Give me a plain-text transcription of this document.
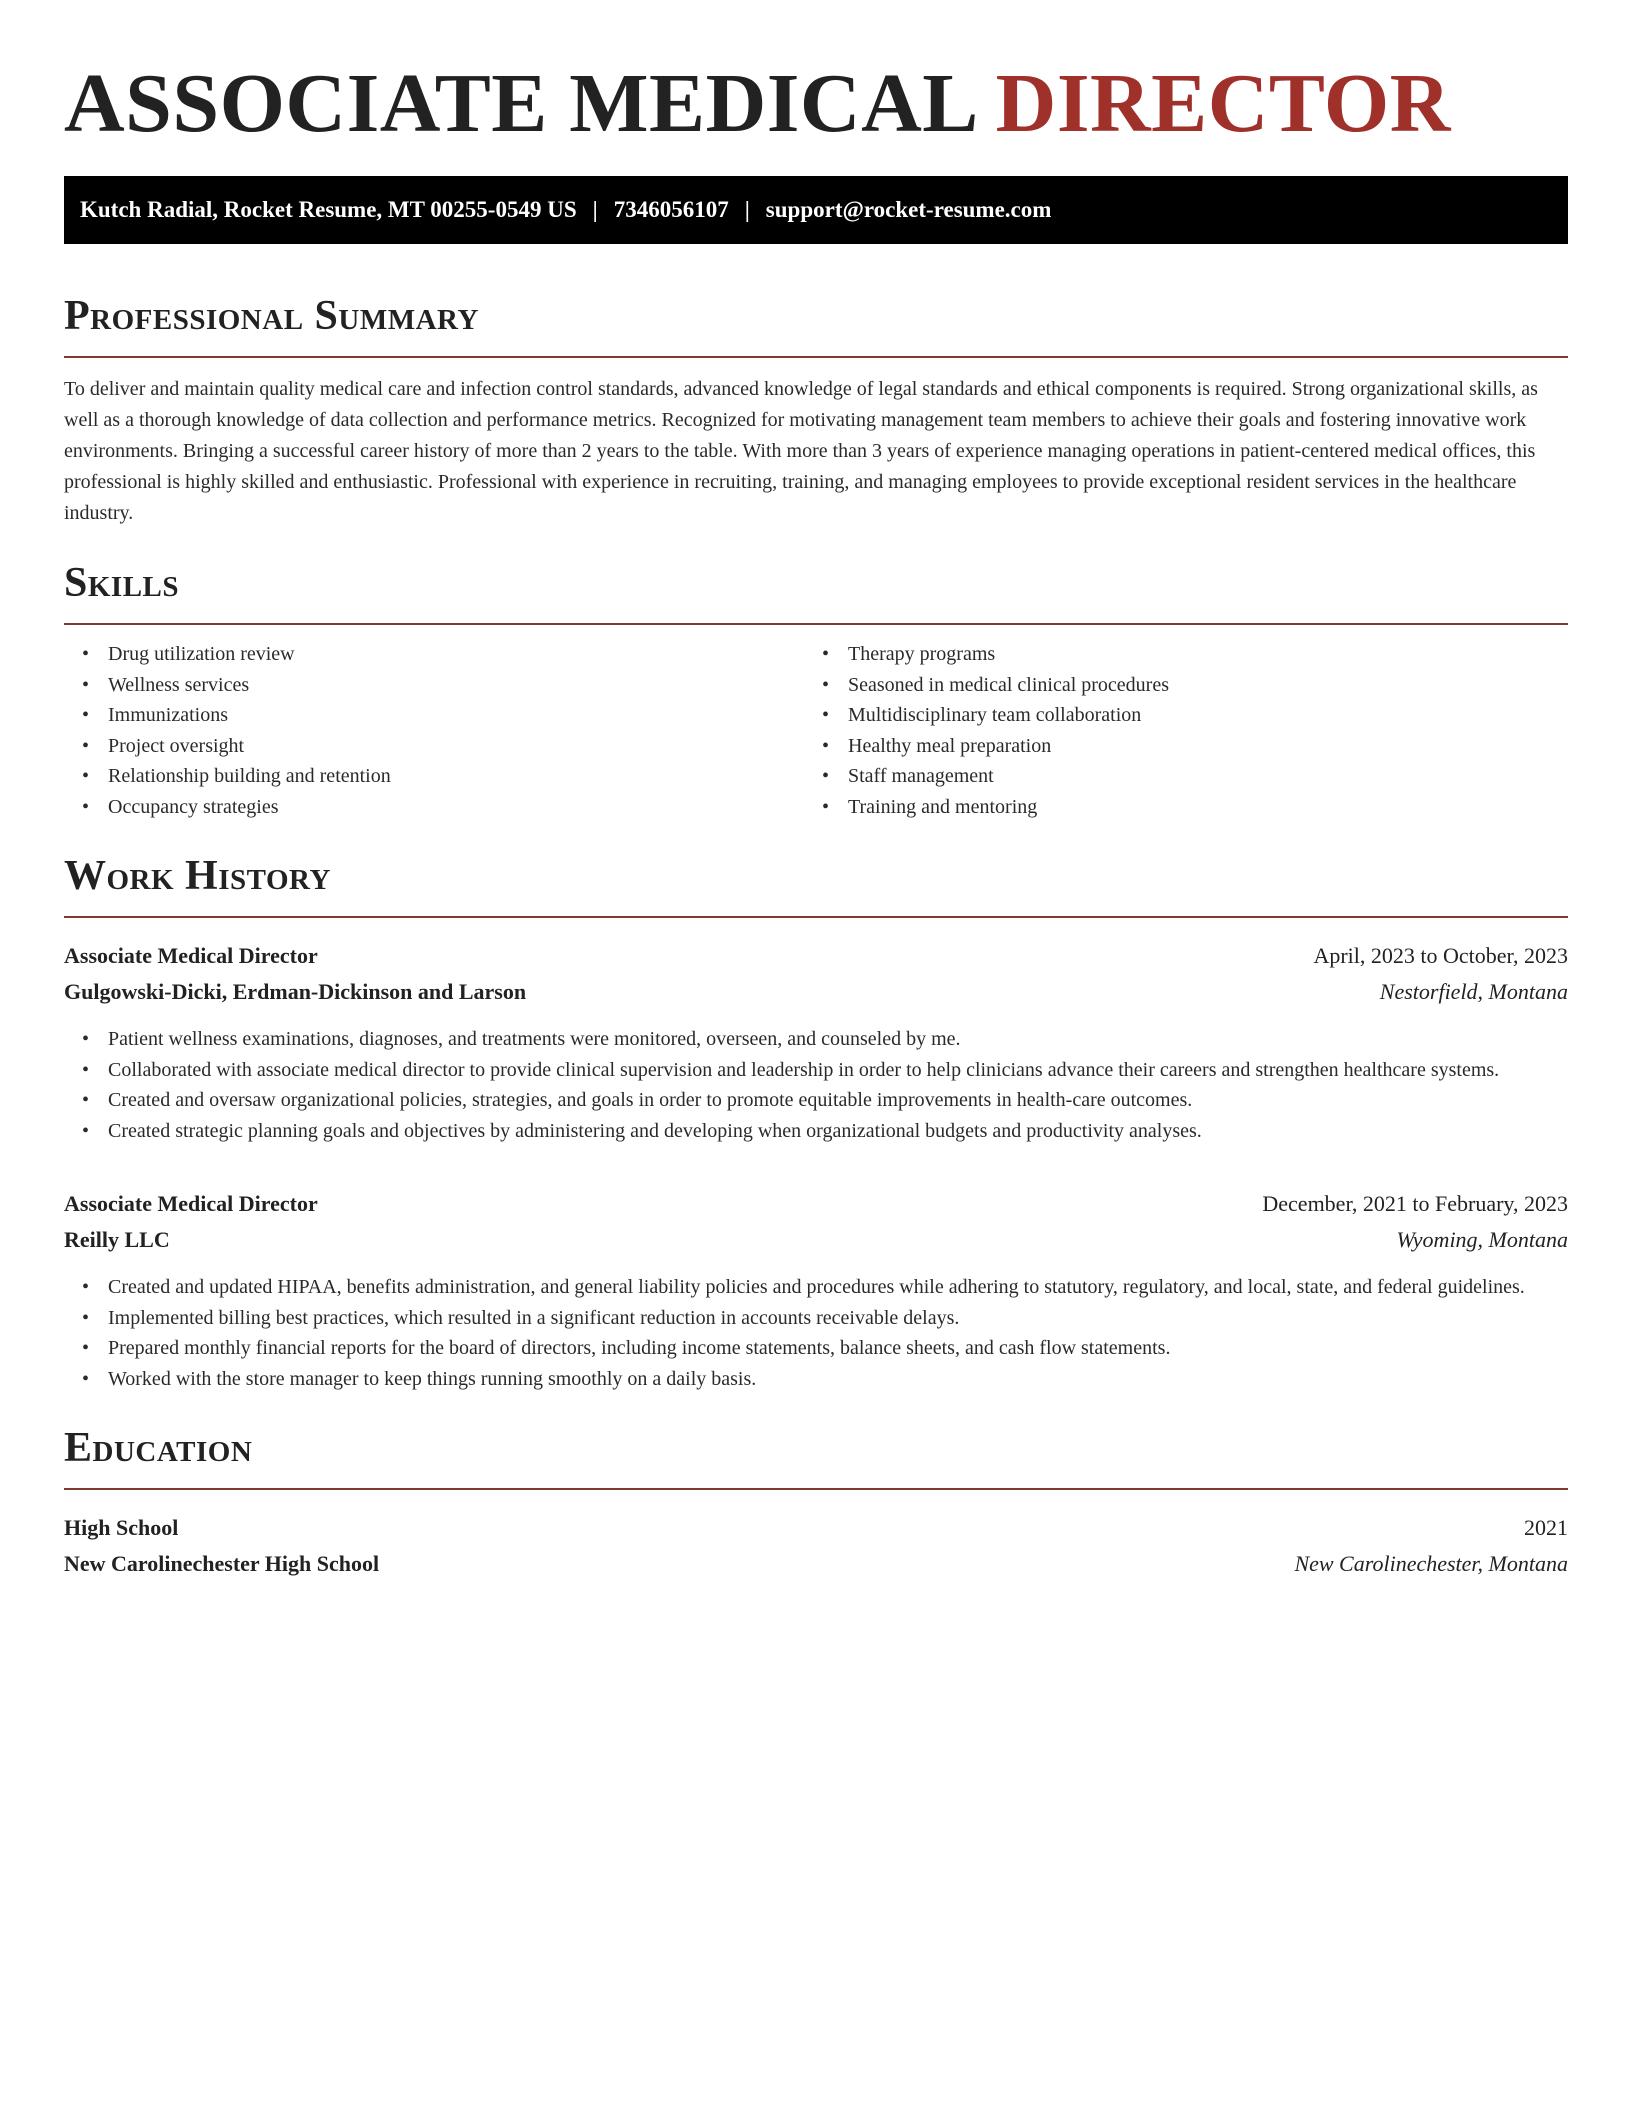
ASSOCIATE MEDICAL DIRECTOR
Kutch Radial, Rocket Resume, MT 00255-0549 US | 7346056107 | support@rocket-resume.com
Professional Summary

To deliver and maintain quality medical care and infection control standards, advanced knowledge of legal standards and ethical components is required. Strong organizational skills, as well as a thorough knowledge of data collection and performance metrics. Recognized for motivating management team members to achieve their goals and fostering innovative work environments. Bringing a successful career history of more than 2 years to the table. With more than 3 years of experience managing operations in patient-centered medical offices, this professional is highly skilled and enthusiastic. Professional with experience in recruiting, training, and managing employees to provide exceptional resident services in the healthcare industry.

Skills
• Drug utilization review
• Wellness services
• Immunizations
• Project oversight
• Relationship building and retention
• Occupancy strategies
• Therapy programs
• Seasoned in medical clinical procedures
• Multidisciplinary team collaboration
• Healthy meal preparation
• Staff management
• Training and mentoring
Work History
Associate Medical Director	April, 2023 to October, 2023
Gulgowski-Dicki, Erdman-Dickinson and Larson	Nestorfield, Montana
• Patient wellness examinations, diagnoses, and treatments were monitored, overseen, and counseled by me.
• Collaborated with associate medical director to provide clinical supervision and leadership in order to help clinicians advance their careers and strengthen healthcare systems.
• Created and oversaw organizational policies, strategies, and goals in order to promote equitable improvements in health-care outcomes.
• Created strategic planning goals and objectives by administering and developing when organizational budgets and productivity analyses.
Associate Medical Director	December, 2021 to February, 2023
Reilly LLC	Wyoming, Montana
• Created and updated HIPAA, benefits administration, and general liability policies and procedures while adhering to statutory, regulatory, and local, state, and federal guidelines.
• Implemented billing best practices, which resulted in a significant reduction in accounts receivable delays.
• Prepared monthly financial reports for the board of directors, including income statements, balance sheets, and cash flow statements.
• Worked with the store manager to keep things running smoothly on a daily basis.
Education
High School	2021
New Carolinechester High School	New Carolinechester, Montana
